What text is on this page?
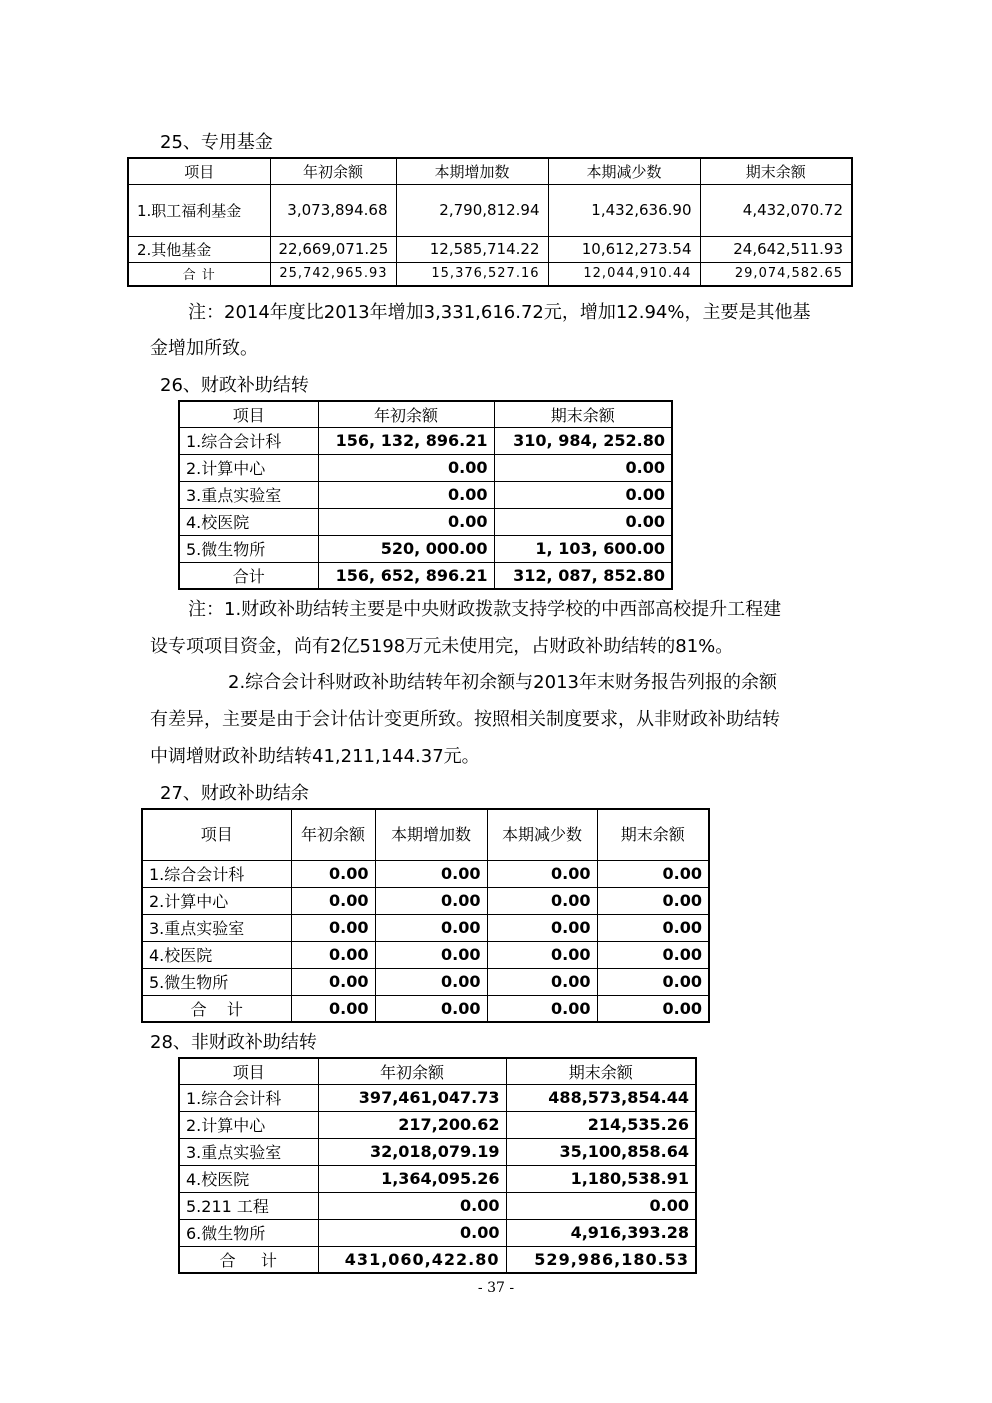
25、专用基金
项目	年初余额	本期增加数	本期减少数	期末余额
1.职工福利基金	3,073,894.68	2,790,812.94	1,432,636.90	4,432,070.72
2.其他基金	22,669,071.25	12,585,714.22	10,612,273.54	24,642,511.93
合 计	25,742,965.93	15,376,527.16	12,044,910.44	29,074,582.65
注：2014年度比2013年增加3,331,616.72元，增加12.94%，主要是其他基
金增加所致。
26、财政补助结转
项目	年初余额	期末余额
1.综合会计科	156, 132, 896.21	310, 984, 252.80
2.计算中心	0.00	0.00
3.重点实验室	0.00	0.00
4.校医院	0.00	0.00
5.微生物所	520, 000.00	1, 103, 600.00
合计	156, 652, 896.21	312, 087, 852.80
注：1.财政补助结转主要是中央财政拨款支持学校的中西部高校提升工程建
设专项项目资金，尚有2亿5198万元未使用完，占财政补助结转的81%。
2.综合会计科财政补助结转年初余额与2013年末财务报告列报的余额
有差异，主要是由于会计估计变更所致。按照相关制度要求，从非财政补助结转
中调增财政补助结转41,211,144.37元。
27、财政补助结余
项目	年初余额	本期增加数	本期减少数	期末余额
1.综合会计科	0.00	0.00	0.00	0.00
2.计算中心	0.00	0.00	0.00	0.00
3.重点实验室	0.00	0.00	0.00	0.00
4.校医院	0.00	0.00	0.00	0.00
5.微生物所	0.00	0.00	0.00	0.00
合    计	0.00	0.00	0.00	0.00
28、非财政补助结转
项目	年初余额	期末余额
1.综合会计科	397,461,047.73	488,573,854.44
2.计算中心	217,200.62	214,535.26
3.重点实验室	32,018,079.19	35,100,858.64
4.校医院	1,364,095.26	1,180,538.91
5.211 工程	0.00	0.00
6.微生物所	0.00	4,916,393.28
合    计	431,060,422.80	529,986,180.53
- 37 -
